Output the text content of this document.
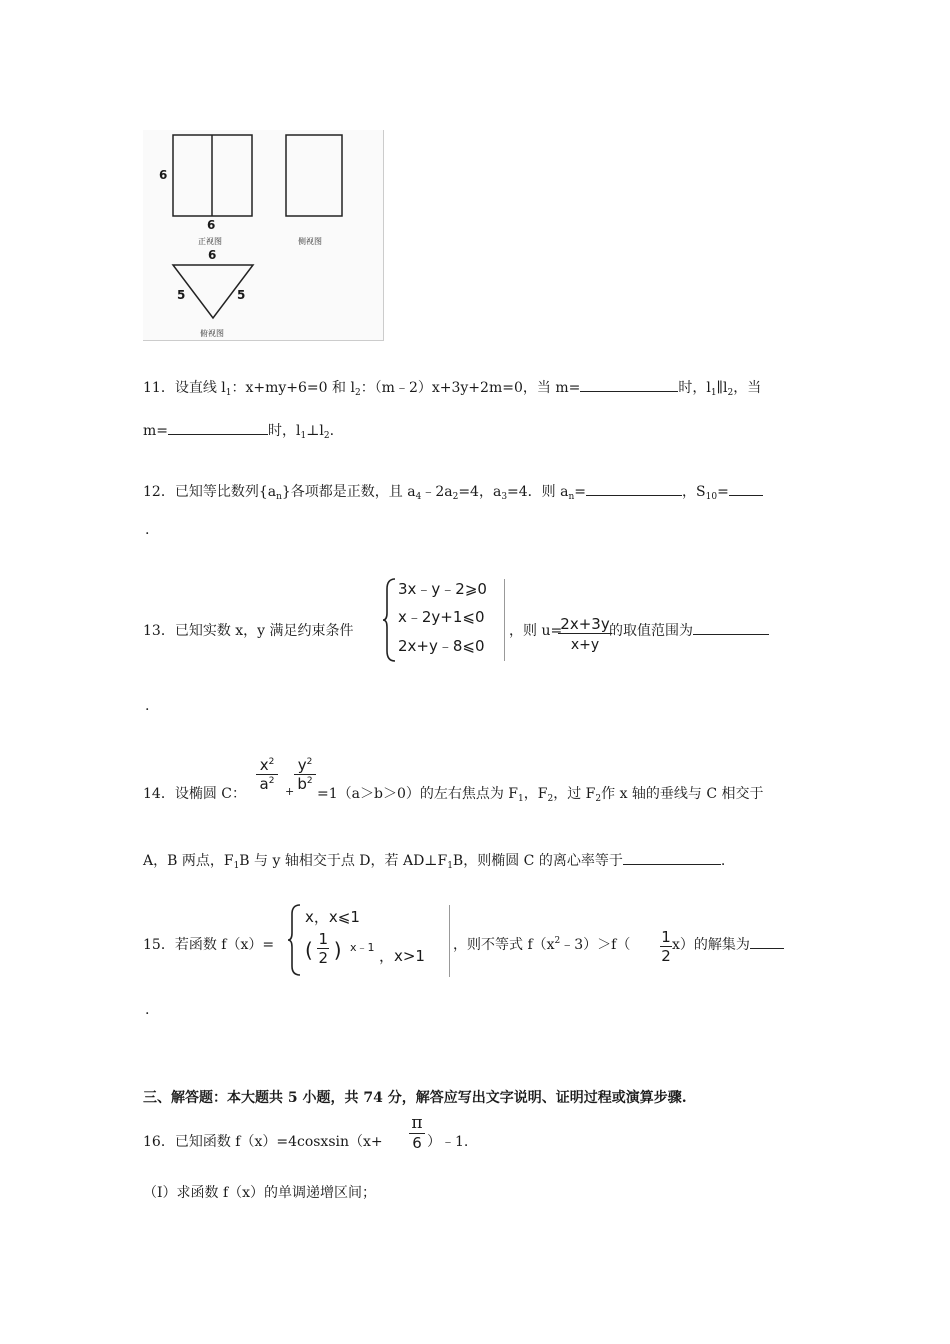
6
6
正视图	侧视图
6
5	5
俯视图
11．设直线 $l_1$：x+my+6=0 和 $l_2$：（m﹣2）x+3y+2m=0，当 m=	时，$l_1\parallel l_2$，当
m=	时，$l_1\perp l_2$.
12．已知等比数列$\{a_n\}$各项都是正数，且 $a_4﹣2a_2=4$，$a_3=4$．则 $a_n=$	，$S_{10}=$
.
13．已知实数 x，y 满足约束条件
3x﹣y﹣2⩾0
x﹣2y+1⩽0
2x+y﹣8⩽0
，则 u=
$\frac{2x+3y}{x+y}$
的取值范围为
.
14．设椭圆 C：
$\frac{x^2}{a^2} + \frac{y^2}{b^2}$
=1（a＞b＞0）的左右焦点为 $F_1$，$F_2$，过 $F_2$作 x 轴的垂线与 C 相交于
A，B 两点，$F_1B$ 与 y 轴相交于点 D，若 $AD\perp F_1B$，则椭圆 C 的离心率等于	.
15．若函数 f（x）=
x，x⩽1
( $\frac{1}{2}$ ) x﹣1 ，x>1
，则不等式 $f(x^2﹣3)>f( \frac{1}{2} x)$的解集为
.
三、解答题：本大题共 5 小题，共 74 分，解答应写出文字说明、证明过程或演算步骤.
16．已知函数 f（x）=4cosxsin（x+ $\frac{\pi}{6}$ ）﹣1.
（Ⅰ）求函数 f（x）的单调递增区间；
